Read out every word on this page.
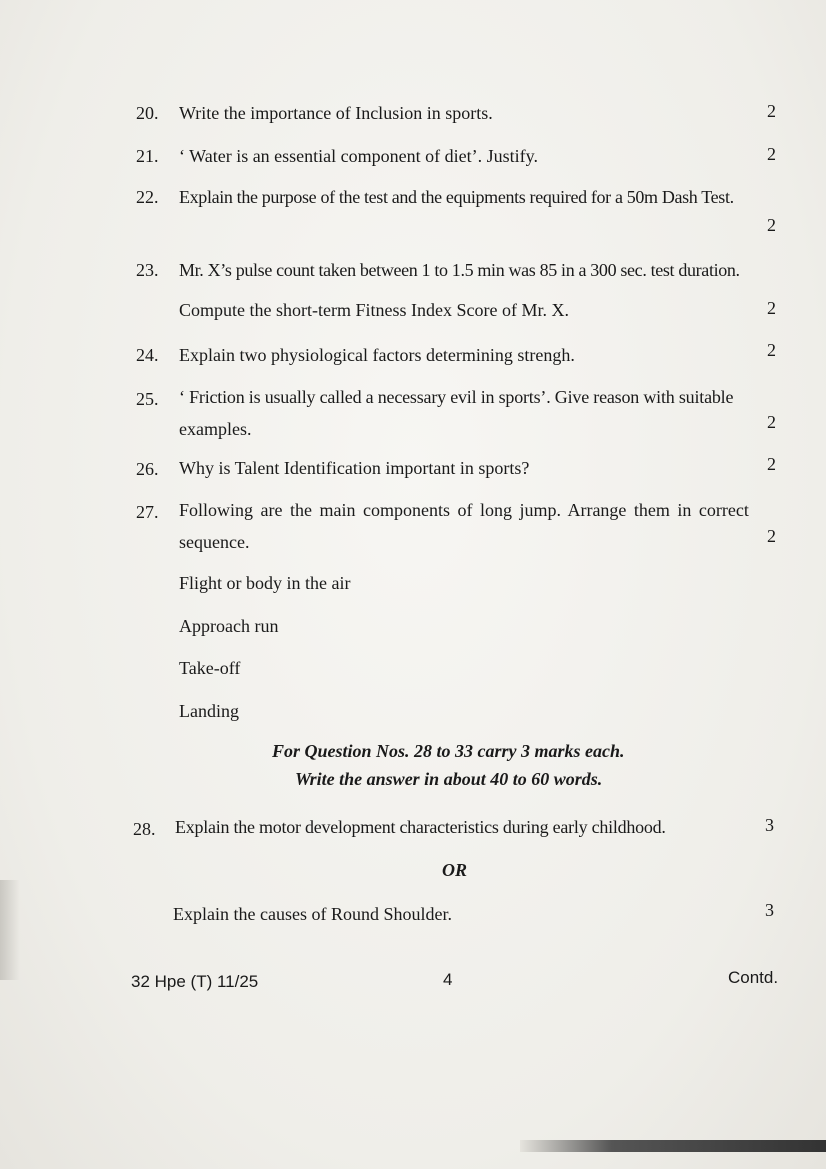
20. Write the importance of Inclusion in sports.	2
21. ‘ Water is an essential component of diet’. Justify.	2
22. Explain the purpose of the test and the equipments required for a 50m Dash Test.
2
23. Mr. X’s pulse count taken between 1 to 1.5 min was 85 in a 300 sec. test duration.
Compute the short-term Fitness Index Score of Mr. X.	2
24. Explain two physiological factors determining strengh.	2
25. ‘ Friction is usually called a necessary evil in sports’. Give reason with suitable
examples.	2
26. Why is Talent Identification important in sports?	2
27. Following are the main components of long jump. Arrange them in correct
sequence.	2
Flight or body in the air
Approach run
Take-off
Landing
For Question Nos. 28 to 33 carry 3 marks each.
Write the answer in about 40 to 60 words.
28. Explain the motor development characteristics during early childhood.	3
OR
Explain the causes of Round Shoulder.	3
32 Hpe (T) 11/25	4	Contd.
